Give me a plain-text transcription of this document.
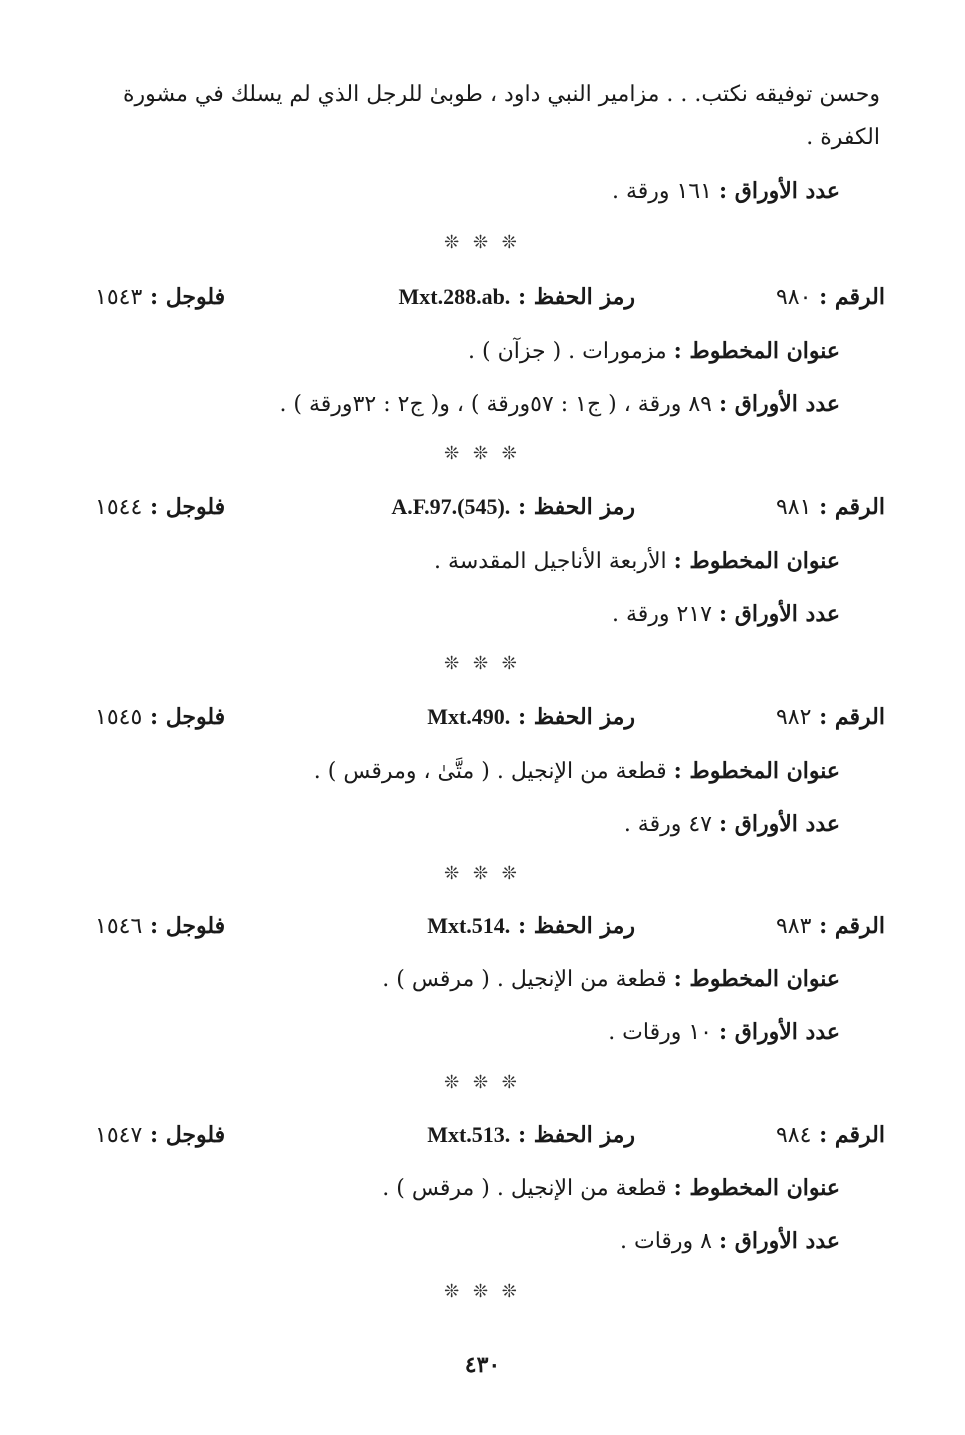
وحسن توفيقه نكتب. . . مزامير النبي داود ، طوبىٰ للرجل الذي لم يسلك في مشورة
الكفرة .
عدد الأوراق : ١٦١ ورقة .
❊ ❊ ❊
الرقم : ٩٨٠
رمز الحفظ : Mxt.288.ab.
فلوجل : ١٥٤٣
عنوان المخطوط : مزمورات . ( جزآن ) .
عدد الأوراق : ٨٩ ورقة ، ( ج١ : ٥٧ورقة ) ، و( ج٢ : ٣٢ورقة ) .
❊ ❊ ❊
الرقم : ٩٨١
رمز الحفظ : A.F.97.(545).
فلوجل : ١٥٤٤
عنوان المخطوط : الأربعة الأناجيل المقدسة .
عدد الأوراق : ٢١٧ ورقة .
❊ ❊ ❊
الرقم : ٩٨٢
رمز الحفظ : Mxt.490.
فلوجل : ١٥٤٥
عنوان المخطوط : قطعة من الإنجيل . ( متَّىٰ ، ومرقس ) .
عدد الأوراق : ٤٧ ورقة .
❊ ❊ ❊
الرقم : ٩٨٣
رمز الحفظ : Mxt.514.
فلوجل : ١٥٤٦
عنوان المخطوط : قطعة من الإنجيل . ( مرقس ) .
عدد الأوراق : ١٠ ورقات .
❊ ❊ ❊
الرقم : ٩٨٤
رمز الحفظ : Mxt.513.
فلوجل : ١٥٤٧
عنوان المخطوط : قطعة من الإنجيل . ( مرقس ) .
عدد الأوراق : ٨ ورقات .
❊ ❊ ❊
٤٣٠
